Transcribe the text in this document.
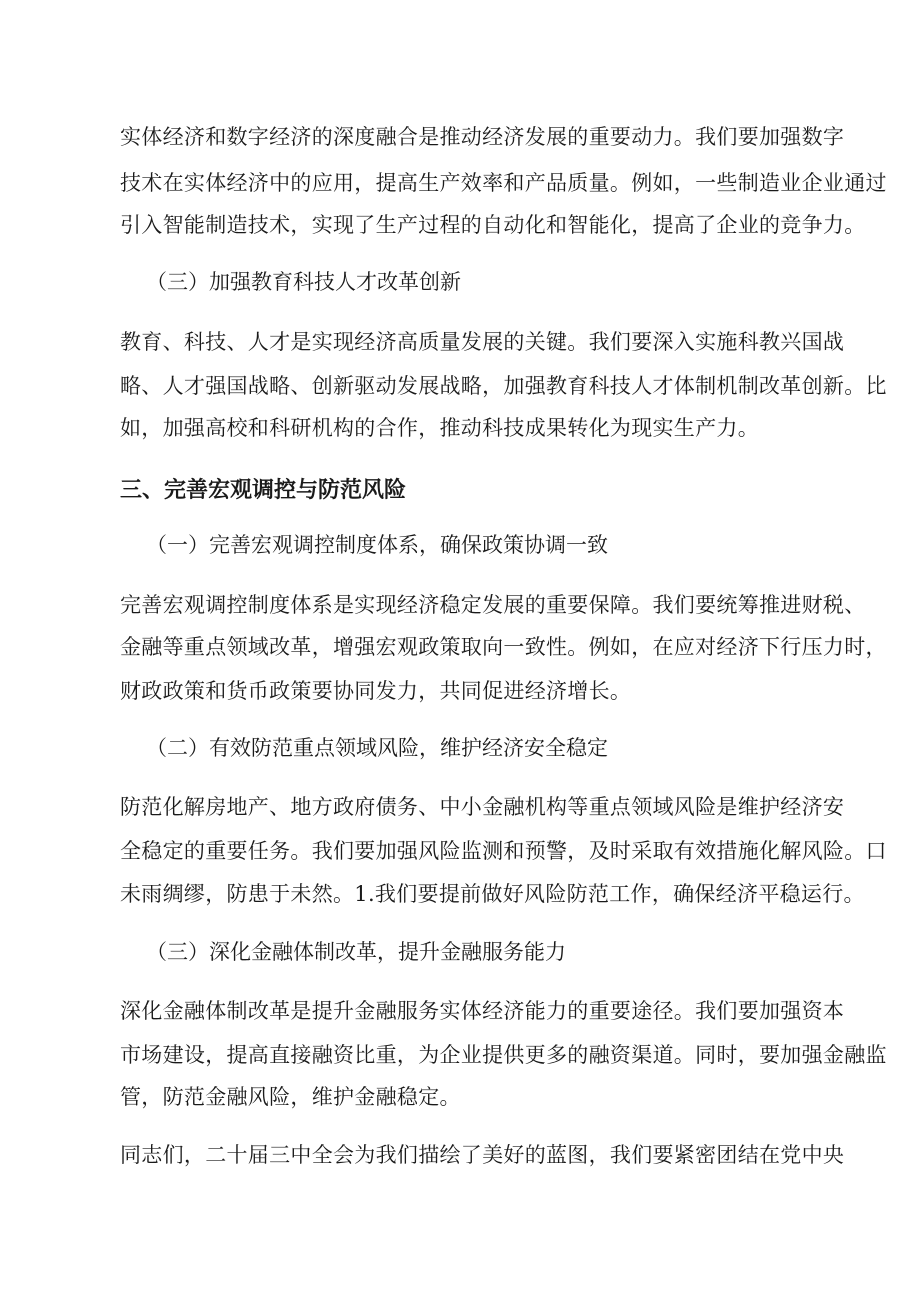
实体经济和数字经济的深度融合是推动经济发展的重要动力。我们要加强数字
技术在实体经济中的应用，提高生产效率和产品质量。例如，一些制造业企业通过
引入智能制造技术，实现了生产过程的自动化和智能化，提高了企业的竞争力。
（三）加强教育科技人才改革创新
教育、科技、人才是实现经济高质量发展的关键。我们要深入实施科教兴国战
略、人才强国战略、创新驱动发展战略，加强教育科技人才体制机制改革创新。比
如，加强高校和科研机构的合作，推动科技成果转化为现实生产力。
三、完善宏观调控与防范风险
（一）完善宏观调控制度体系，确保政策协调一致
完善宏观调控制度体系是实现经济稳定发展的重要保障。我们要统筹推进财税、
金融等重点领域改革，增强宏观政策取向一致性。例如，在应对经济下行压力时，
财政政策和货币政策要协同发力，共同促进经济增长。
（二）有效防范重点领域风险，维护经济安全稳定
防范化解房地产、地方政府债务、中小金融机构等重点领域风险是维护经济安
全稳定的重要任务。我们要加强风险监测和预警，及时采取有效措施化解风险。口
未雨绸缪，防患于未然。1.我们要提前做好风险防范工作，确保经济平稳运行。
（三）深化金融体制改革，提升金融服务能力
深化金融体制改革是提升金融服务实体经济能力的重要途径。我们要加强资本
市场建设，提高直接融资比重，为企业提供更多的融资渠道。同时，要加强金融监
管，防范金融风险，维护金融稳定。
同志们，二十届三中全会为我们描绘了美好的蓝图，我们要紧密团结在党中央
